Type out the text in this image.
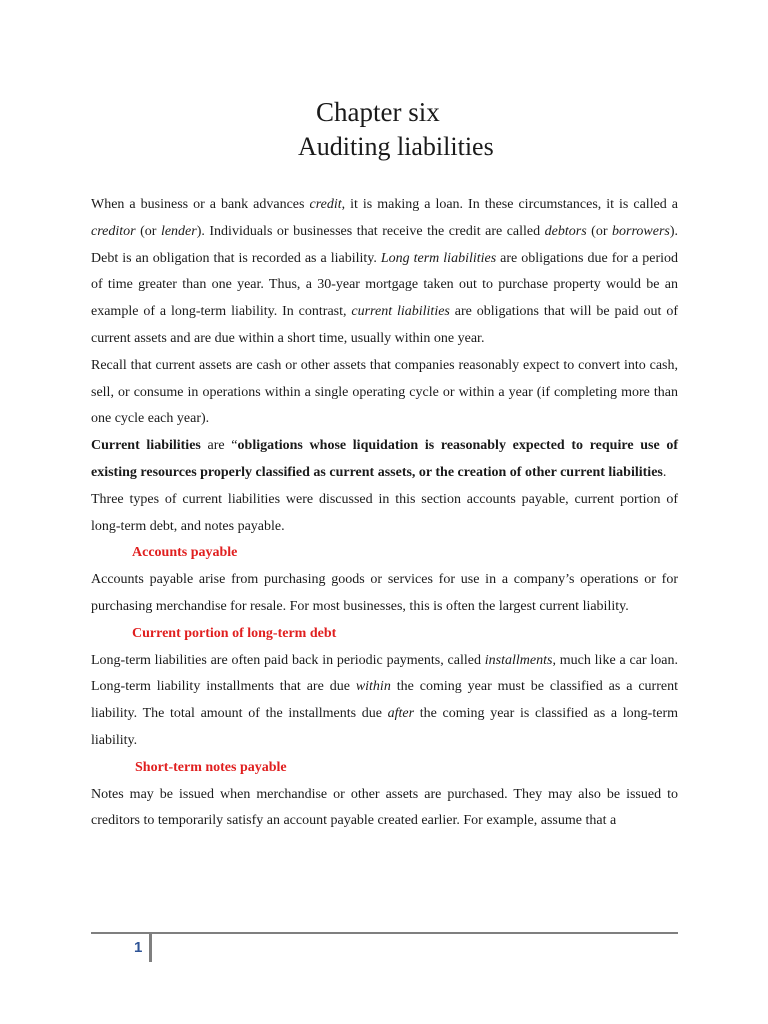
Chapter six
Auditing liabilities

When a business or a bank advances credit, it is making a loan. In these circumstances, it is called a creditor (or lender). Individuals or businesses that receive the credit are called debtors (or borrowers). Debt is an obligation that is recorded as a liability. Long term liabilities are obligations due for a period of time greater than one year. Thus, a 30-year mortgage taken out to purchase property would be an example of a long-term liability. In contrast, current liabilities are obligations that will be paid out of current assets and are due within a short time, usually within one year.

Recall that current assets are cash or other assets that companies reasonably expect to convert into cash, sell, or consume in operations within a single operating cycle or within a year (if completing more than one cycle each year).

Current liabilities are “obligations whose liquidation is reasonably expected to require use of existing resources properly classified as current assets, or the creation of other current liabilities.

Three types of current liabilities were discussed in this section accounts payable, current portion of long-term debt, and notes payable.

Accounts payable

Accounts payable arise from purchasing goods or services for use in a company’s operations or for purchasing merchandise for resale. For most businesses, this is often the largest current liability.

Current portion of long-term debt

Long-term liabilities are often paid back in periodic payments, called installments, much like a car loan. Long-term liability installments that are due within the coming year must be classified as a current liability. The total amount of the installments due after the coming year is classified as a long-term liability.

Short-term notes payable

Notes may be issued when merchandise or other assets are purchased. They may also be issued to creditors to temporarily satisfy an account payable created earlier. For example, assume that a

1
